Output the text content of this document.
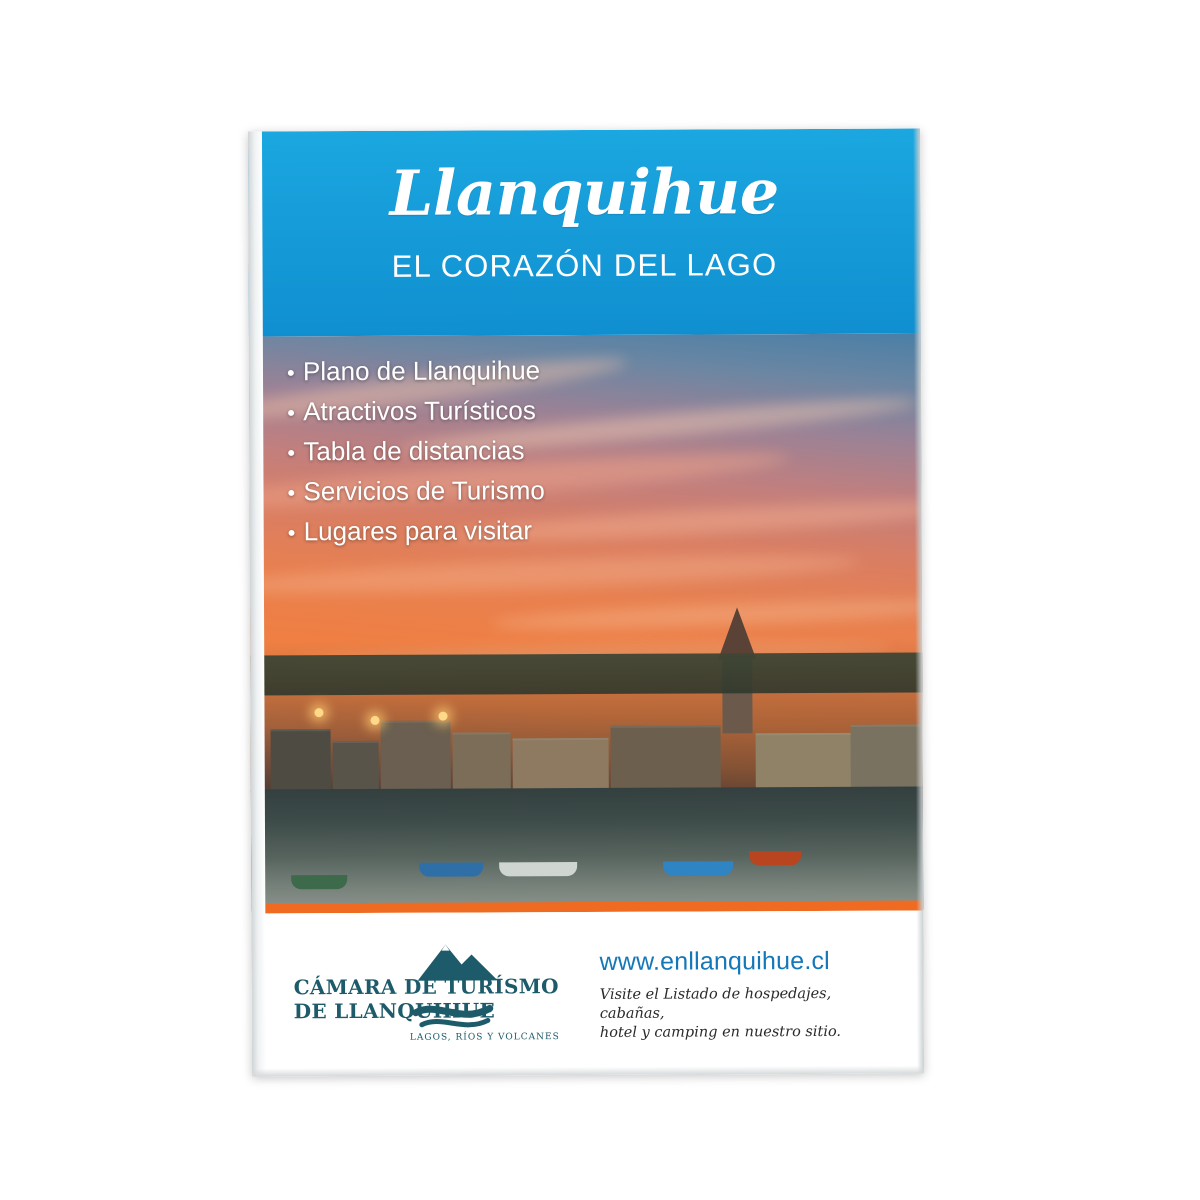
Llanquihue
EL CORAZÓN DEL LAGO
• Plano de Llanquihue
• Atractivos Turísticos
• Tabla de distancias
• Servicios de Turismo
• Lugares para visitar
CÁMARA DE TURÍSMO
DE LLANQUIHUE
LAGOS, RÍOS Y VOLCANES
www.enllanquihue.cl
Visite el Listado de hospedajes, cabañas,
hotel y camping en nuestro sitio.
